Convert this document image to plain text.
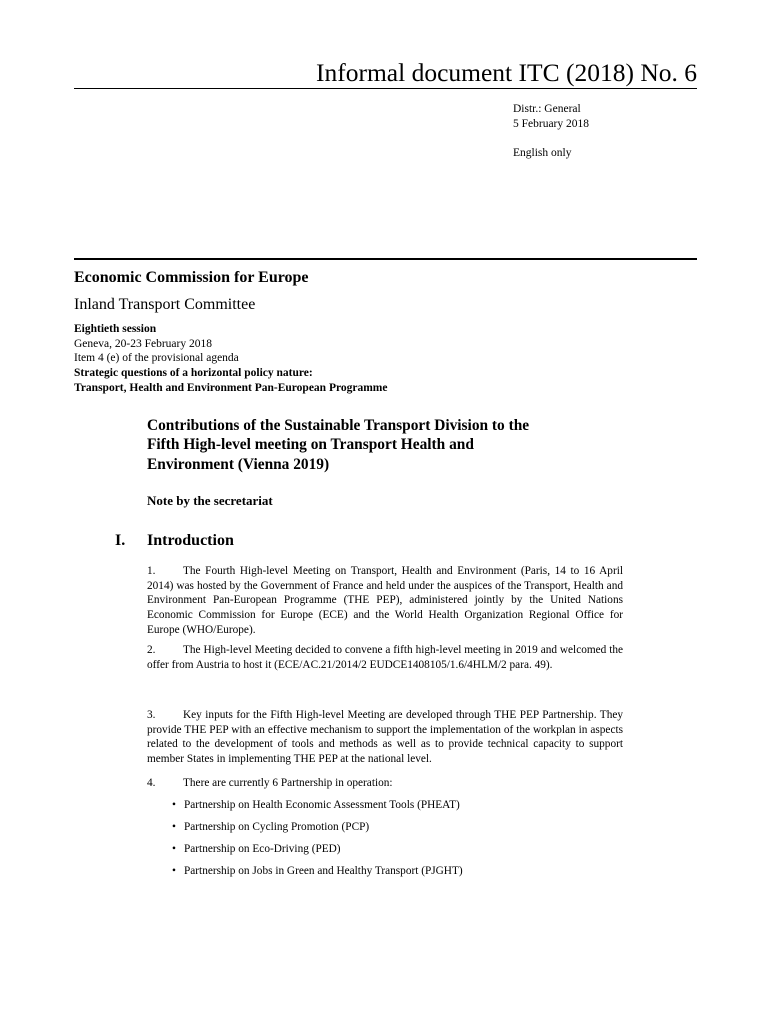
Informal document ITC (2018) No. 6
Distr.: General
5 February 2018
English only
Economic Commission for Europe
Inland Transport Committee
Eightieth session
Geneva, 20-23 February 2018
Item 4 (e) of the provisional agenda
Strategic questions of a horizontal policy nature:
Transport, Health and Environment Pan-European Programme
Contributions of the Sustainable Transport Division to the
Fifth High-level meeting on Transport Health and
Environment (Vienna 2019)
Note by the secretariat
I. Introduction
1. The Fourth High-level Meeting on Transport, Health and Environment (Paris, 14 to 16 April 2014) was hosted by the Government of France and held under the auspices of the Transport, Health and Environment Pan-European Programme (THE PEP), administered jointly by the United Nations Economic Commission for Europe (ECE) and the World Health Organization Regional Office for Europe (WHO/Europe).
2. The High-level Meeting decided to convene a fifth high-level meeting in 2019 and welcomed the offer from Austria to host it (ECE/AC.21/2014/2 EUDCE1408105/1.6/4HLM/2 para. 49).
3. Key inputs for the Fifth High-level Meeting are developed through THE PEP Partnership. They provide THE PEP with an effective mechanism to support the implementation of the workplan in aspects related to the development of tools and methods as well as to provide technical capacity to support member States in implementing THE PEP at the national level.
4. There are currently 6 Partnership in operation:
• Partnership on Health Economic Assessment Tools (PHEAT)
• Partnership on Cycling Promotion (PCP)
• Partnership on Eco-Driving (PED)
• Partnership on Jobs in Green and Healthy Transport (PJGHT)
